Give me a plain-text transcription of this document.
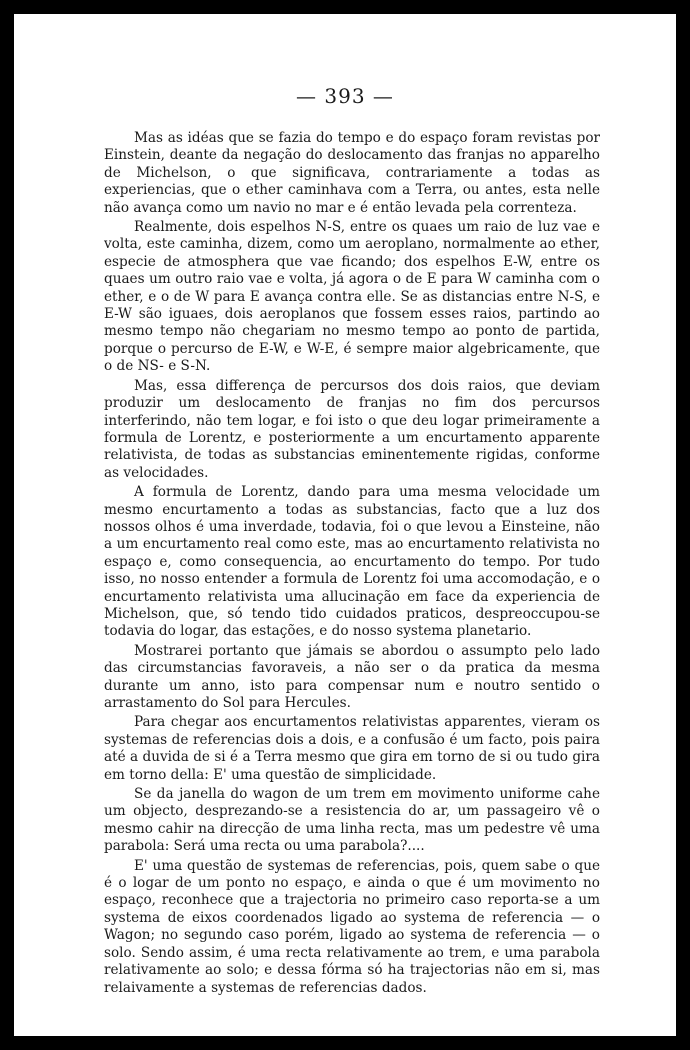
— 393 —

Mas as idéas que se fazia do tempo e do espaço foram revistas por Einstein, deante da negação do deslocamento das franjas no apparelho de Michelson, o que significava, contrariamente a todas as experiencias, que o ether caminhava com a Terra, ou antes, esta nelle não avança como um navio no mar e é então levada pela correnteza.

Realmente, dois espelhos N-S, entre os quaes um raio de luz vae e volta, este caminha, dizem, como um aeroplano, normalmente ao ether, especie de atmosphera que vae ficando; dos espelhos E-W, entre os quaes um outro raio vae e volta, já agora o de E para W caminha com o ether, e o de W para E avança contra elle. Se as distancias entre N-S, e E-W são iguaes, dois aeroplanos que fossem esses raios, partindo ao mesmo tempo não chegariam no mesmo tempo ao ponto de partida, porque o percurso de E-W, e W-E, é sempre maior algebricamente, que o de NS- e S-N.

Mas, essa differença de percursos dos dois raios, que deviam produzir um deslocamento de franjas no fim dos percursos interferindo, não tem logar, e foi isto o que deu logar primeiramente a formula de Lorentz, e posteriormente a um encurtamento apparente relativista, de todas as substancias eminentemente rigidas, conforme as velocidades.

A formula de Lorentz, dando para uma mesma velocidade um mesmo encurtamento a todas as substancias, facto que a luz dos nossos olhos é uma inverdade, todavia, foi o que levou a Einsteine, não a um encurtamento real como este, mas ao encurtamento relativista no espaço e, como consequencia, ao encurtamento do tempo. Por tudo isso, no nosso entender a formula de Lorentz foi uma accomodação, e o encurtamento relativista uma allucinação em face da experiencia de Michelson, que, só tendo tido cuidados praticos, despreoccupou-se todavia do logar, das estações, e do nosso systema planetario.

Mostrarei portanto que jámais se abordou o assumpto pelo lado das circumstancias favoraveis, a não ser o da pratica da mesma durante um anno, isto para compensar num e noutro sentido o arrastamento do Sol para Hercules.

Para chegar aos encurtamentos relativistas apparentes, vieram os systemas de referencias dois a dois, e a confusão é um facto, pois paira até a duvida de si é a Terra mesmo que gira em torno de si ou tudo gira em torno della: E' uma questão de simplicidade.

Se da janella do wagon de um trem em movimento uniforme cahe um objecto, desprezando-se a resistencia do ar, um passageiro vê o mesmo cahir na direcção de uma linha recta, mas um pedestre vê uma parabola: Será uma recta ou uma parabola?....

E' uma questão de systemas de referencias, pois, quem sabe o que é o logar de um ponto no espaço, e ainda o que é um movimento no espaço, reconhece que a trajectoria no primeiro caso reporta-se a um systema de eixos coordenados ligado ao systema de referencia — o Wagon; no segundo caso porém, ligado ao systema de referencia — o solo. Sendo assim, é uma recta relativamente ao trem, e uma parabola relativamente ao solo; e dessa fórma só ha trajectorias não em si, mas relaivamente a systemas de referencias dados.
